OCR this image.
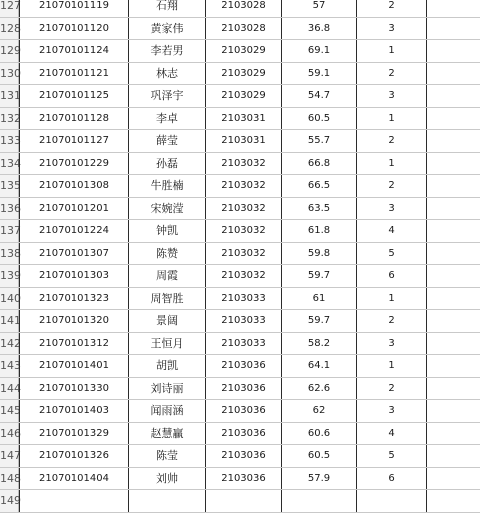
127	21070101119	石翔	2103028	57	2
128	21070101120	黄家伟	2103028	36.8	3
129	21070101124	李若男	2103029	69.1	1
130	21070101121	林志	2103029	59.1	2
131	21070101125	巩泽宇	2103029	54.7	3
132	21070101128	李卓	2103031	60.5	1
133	21070101127	薛莹	2103031	55.7	2
134	21070101229	孙磊	2103032	66.8	1
135	21070101308	牛胜楠	2103032	66.5	2
136	21070101201	宋婉滢	2103032	63.5	3
137	21070101224	钟凯	2103032	61.8	4
138	21070101307	陈赞	2103032	59.8	5
139	21070101303	周霞	2103032	59.7	6
140	21070101323	周智胜	2103033	61	1
141	21070101320	景阔	2103033	59.7	2
142	21070101312	王恒月	2103033	58.2	3
143	21070101401	胡凯	2103036	64.1	1
144	21070101330	刘诗丽	2103036	62.6	2
145	21070101403	闻雨涵	2103036	62	3
146	21070101329	赵慧贏	2103036	60.6	4
147	21070101326	陈莹	2103036	60.5	5
148	21070101404	刘帅	2103036	57.9	6
149
